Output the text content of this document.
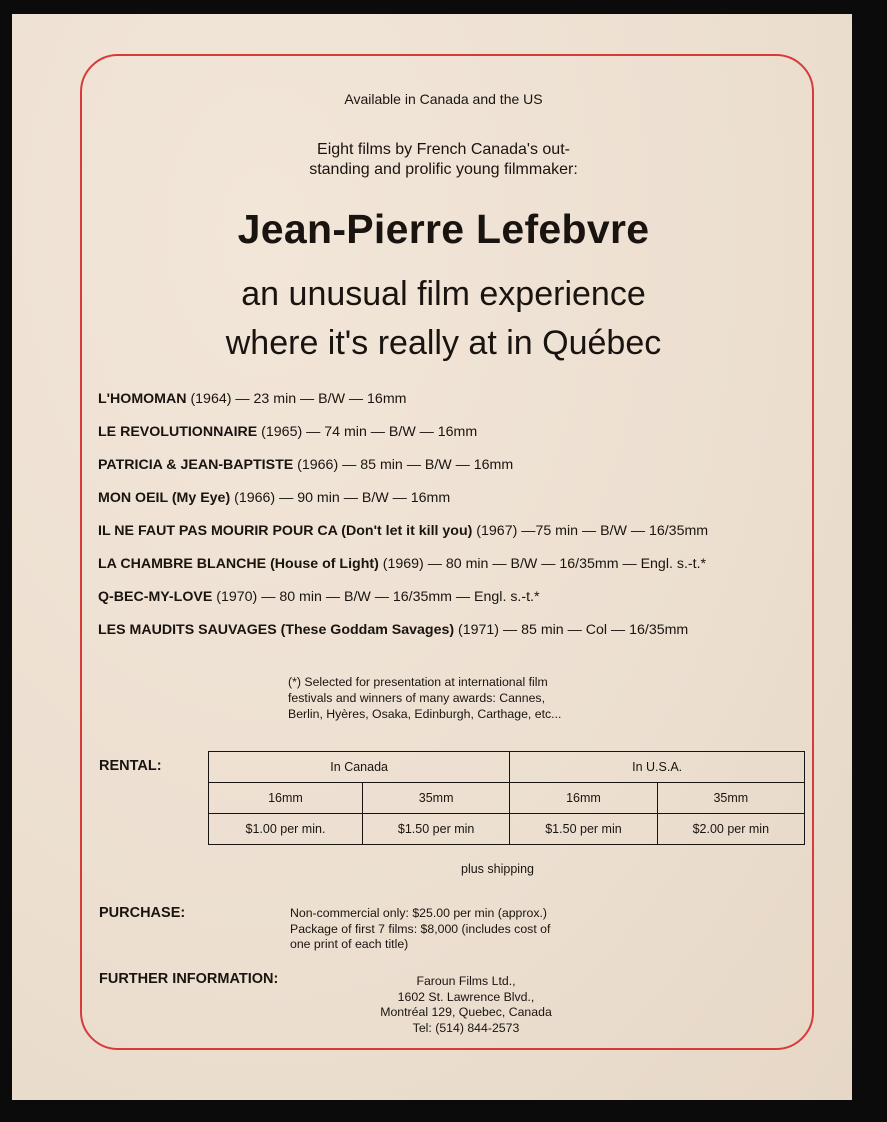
Available in Canada and the US
Eight films by French Canada's out-
standing and prolific young filmmaker:
Jean-Pierre Lefebvre
an unusual film experience
where it's really at in Québec
L'HOMOMAN (1964) — 23 min — B/W — 16mm
LE REVOLUTIONNAIRE (1965) — 74 min — B/W — 16mm
PATRICIA & JEAN-BAPTISTE (1966) — 85 min — B/W — 16mm
MON OEIL (My Eye) (1966) — 90 min — B/W — 16mm
IL NE FAUT PAS MOURIR POUR CA (Don't let it kill you) (1967) —75 min — B/W — 16/35mm
LA CHAMBRE BLANCHE (House of Light) (1969) — 80 min — B/W — 16/35mm — Engl. s.-t.*
Q-BEC-MY-LOVE (1970) — 80 min — B/W — 16/35mm — Engl. s.-t.*
LES MAUDITS SAUVAGES (These Goddam Savages) (1971) — 85 min — Col — 16/35mm
(*) Selected for presentation at international film
festivals and winners of many awards: Cannes,
Berlin, Hyères, Osaka, Edinburgh, Carthage, etc...
RENTAL:	In Canada		In U.S.A.	
16mm	35mm	16mm	35mm
$1.00 per min.	$1.50 per min	$1.50 per min	$2.00 per min
plus shipping
PURCHASE:	Non-commercial only: $25.00 per min (approx.)
Package of first 7 films: $8,000 (includes cost of
one print of each title)
FURTHER INFORMATION:	Faroun Films Ltd.,
1602 St. Lawrence Blvd.,
Montréal 129, Quebec, Canada
Tel: (514) 844-2573
